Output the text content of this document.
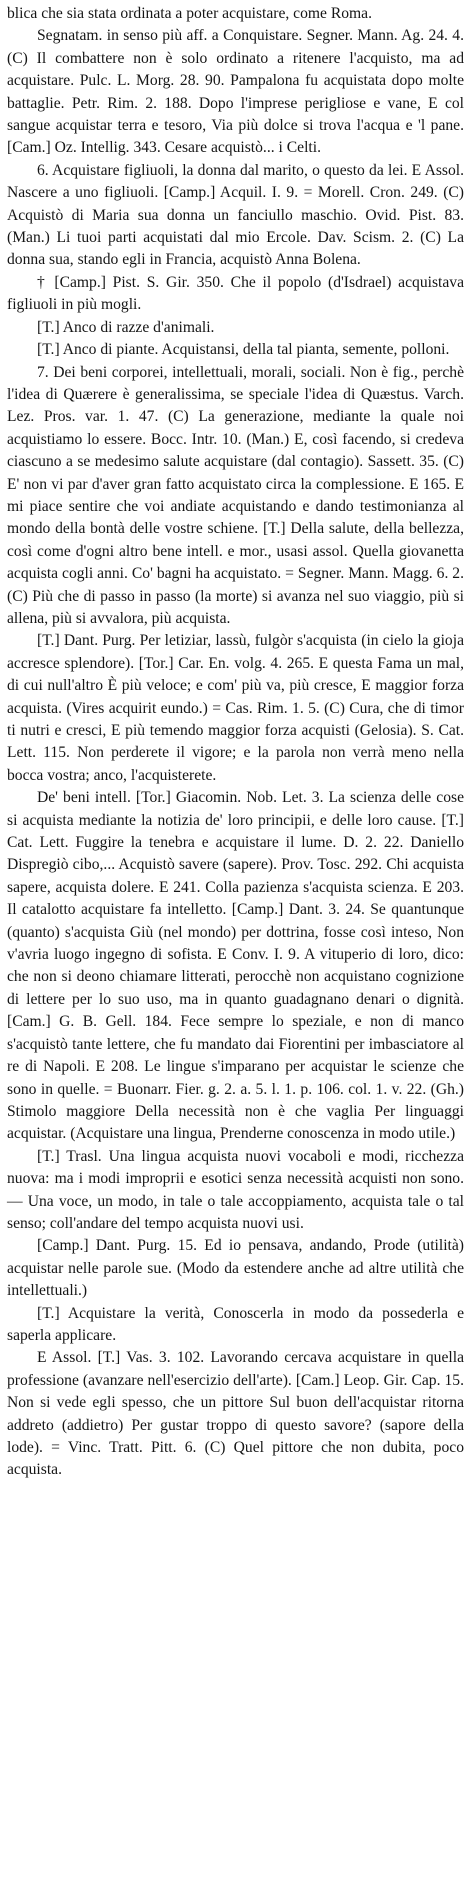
blica che sia stata ordinata a poter acquistare, come Roma.

Segnatam. in senso più aff. a Conquistare. Segner. Mann. Ag. 24. 4. (C) Il combattere non è solo ordinato a ritenere l'acquisto, ma ad acquistare. Pulc. L. Morg. 28. 90. Pampalona fu acquistata dopo molte battaglie. Petr. Rim. 2. 188. Dopo l'imprese perigliose e vane, E col sangue acquistar terra e tesoro, Via più dolce si trova l'acqua e 'l pane. [Cam.] Oz. Intellig. 343. Cesare acquistò... i Celti.

6. Acquistare figliuoli, la donna dal marito, o questo da lei. E Assol. Nascere a uno figliuoli. [Camp.] Acquil. I. 9. = Morell. Cron. 249. (C) Acquistò di Maria sua donna un fanciullo maschio. Ovid. Pist. 83. (Man.) Li tuoi parti acquistati dal mio Ercole. Dav. Scism. 2. (C) La donna sua, stando egli in Francia, acquistò Anna Bolena.

† [Camp.] Pist. S. Gir. 350. Che il popolo (d'Isdrael) acquistava figliuoli in più mogli.

[T.] Anco di razze d'animali.

[T.] Anco di piante. Acquistansi, della tal pianta, semente, polloni.

7. Dei beni corporei, intellettuali, morali, sociali. Non è fig., perchè l'idea di Quærere è generalissima, se speciale l'idea di Quæstus. Varch. Lez. Pros. var. 1. 47. (C) La generazione, mediante la quale noi acquistiamo lo essere. Bocc. Intr. 10. (Man.) E, così facendo, si credeva ciascuno a se medesimo salute acquistare (dal contagio). Sassett. 35. (C) E' non vi par d'aver gran fatto acquistato circa la complessione. E 165. E mi piace sentire che voi andiate acquistando e dando testimonianza al mondo della bontà delle vostre schiene. [T.] Della salute, della bellezza, così come d'ogni altro bene intell. e mor., usasi assol. Quella giovanetta acquista cogli anni. Co' bagni ha acquistato. = Segner. Mann. Magg. 6. 2. (C) Più che di passo in passo (la morte) si avanza nel suo viaggio, più si allena, più si avvalora, più acquista.

[T.] Dant. Purg. Per letiziar, lassù, fulgòr s'acquista (in cielo la gioja accresce splendore). [Tor.] Car. En. volg. 4. 265. E questa Fama un mal, di cui null'altro È più veloce; e com' più va, più cresce, E maggior forza acquista. (Vires acquirit eundo.) = Cas. Rim. 1. 5. (C) Cura, che di timor ti nutri e cresci, E più temendo maggior forza acquisti (Gelosia). S. Cat. Lett. 115. Non perderete il vigore; e la parola non verrà meno nella bocca vostra; anco, l'acquisterete.

De' beni intell. [Tor.] Giacomin. Nob. Let. 3. La scienza delle cose si acquista mediante la notizia de' loro principii, e delle loro cause. [T.] Cat. Lett. Fuggire la tenebra e acquistare il lume. D. 2. 22. Daniello Dispregiò cibo,... Acquistò savere (sapere). Prov. Tosc. 292. Chi acquista sapere, acquista dolere. E 241. Colla pazienza s'acquista scienza. E 203. Il catalotto acquistare fa intelletto. [Camp.] Dant. 3. 24. Se quantunque (quanto) s'acquista Giù (nel mondo) per dottrina, fosse così inteso, Non v'avria luogo ingegno di sofista. E Conv. I. 9. A vituperio di loro, dico: che non si deono chiamare litterati, perocchè non acquistano cognizione di lettere per lo suo uso, ma in quanto guadagnano denari o dignità. [Cam.] G. B. Gell. 184. Fece sempre lo speziale, e non di manco s'acquistò tante lettere, che fu mandato dai Fiorentini per imbasciatore al re di Napoli. E 208. Le lingue s'imparano per acquistar le scienze che sono in quelle. = Buonarr. Fier. g. 2. a. 5. l. 1. p. 106. col. 1. v. 22. (Gh.) Stimolo maggiore Della necessità non è che vaglia Per linguaggi acquistar. (Acquistare una lingua, Prenderne conoscenza in modo utile.)

[T.] Trasl. Una lingua acquista nuovi vocaboli e modi, ricchezza nuova: ma i modi improprii e esotici senza necessità acquisti non sono. — Una voce, un modo, in tale o tale accoppiamento, acquista tale o tal senso; coll'andare del tempo acquista nuovi usi.

[Camp.] Dant. Purg. 15. Ed io pensava, andando, Prode (utilità) acquistar nelle parole sue. (Modo da estendere anche ad altre utilità che intellettuali.)

[T.] Acquistare la verità, Conoscerla in modo da possederla e saperla applicare.

E Assol. [T.] Vas. 3. 102. Lavorando cercava acquistare in quella professione (avanzare nell'esercizio dell'arte). [Cam.] Leop. Gir. Cap. 15. Non si vede egli spesso, che un pittore Sul buon dell'acquistar ritorna addreto (addietro) Per gustar troppo di questo savore? (sapore della lode). = Vinc. Tratt. Pitt. 6. (C) Quel pittore che non dubita, poco acquista.
